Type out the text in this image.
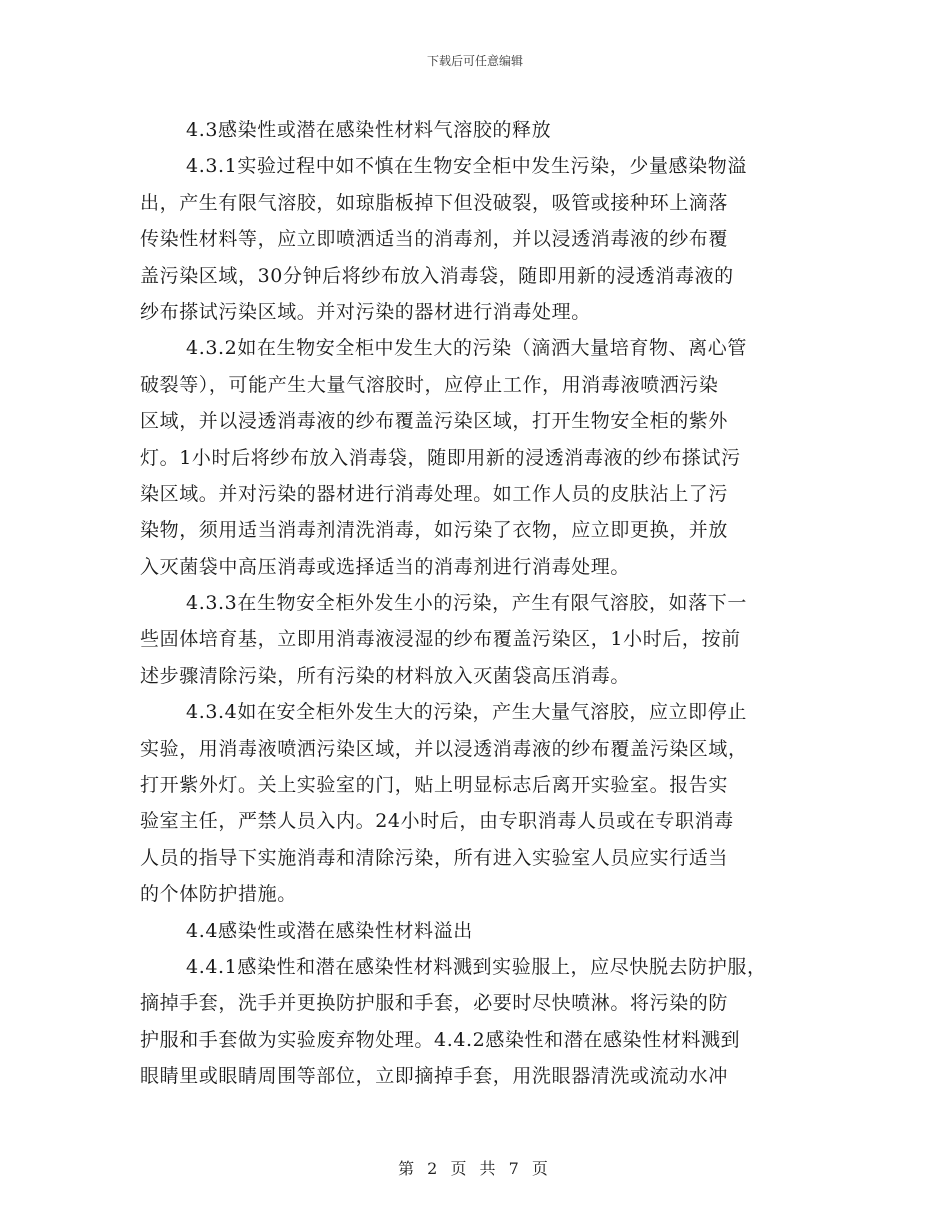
下载后可任意编辑
4.3感染性或潜在感染性材料气溶胶的释放
4.3.1实验过程中如不慎在生物安全柜中发生污染，少量感染物溢
出，产生有限气溶胶，如琼脂板掉下但没破裂，吸管或接种环上滴落
传染性材料等，应立即喷洒适当的消毒剂，并以浸透消毒液的纱布覆
盖污染区域，30分钟后将纱布放入消毒袋，随即用新的浸透消毒液的
纱布搽试污染区域。并对污染的器材进行消毒处理。
4.3.2如在生物安全柜中发生大的污染（滴洒大量培育物、离心管
破裂等），可能产生大量气溶胶时，应停止工作，用消毒液喷洒污染
区域，并以浸透消毒液的纱布覆盖污染区域，打开生物安全柜的紫外
灯。1小时后将纱布放入消毒袋，随即用新的浸透消毒液的纱布搽试污
染区域。并对污染的器材进行消毒处理。如工作人员的皮肤沾上了污
染物，须用适当消毒剂清洗消毒，如污染了衣物，应立即更换，并放
入灭菌袋中高压消毒或选择适当的消毒剂进行消毒处理。
4.3.3在生物安全柜外发生小的污染，产生有限气溶胶，如落下一
些固体培育基，立即用消毒液浸湿的纱布覆盖污染区，1小时后，按前
述步骤清除污染，所有污染的材料放入灭菌袋高压消毒。
4.3.4如在安全柜外发生大的污染，产生大量气溶胶，应立即停止
实验，用消毒液喷洒污染区域，并以浸透消毒液的纱布覆盖污染区域，
打开紫外灯。关上实验室的门，贴上明显标志后离开实验室。报告实
验室主任，严禁人员入内。24小时后，由专职消毒人员或在专职消毒
人员的指导下实施消毒和清除污染，所有进入实验室人员应实行适当
的个体防护措施。
4.4感染性或潜在感染性材料溢出
4.4.1感染性和潜在感染性材料溅到实验服上，应尽快脱去防护服，
摘掉手套，洗手并更换防护服和手套，必要时尽快喷淋。将污染的防
护服和手套做为实验废弃物处理。4.4.2感染性和潜在感染性材料溅到
眼睛里或眼睛周围等部位，立即摘掉手套，用洗眼器清洗或流动水冲
第 2 页 共 7 页
